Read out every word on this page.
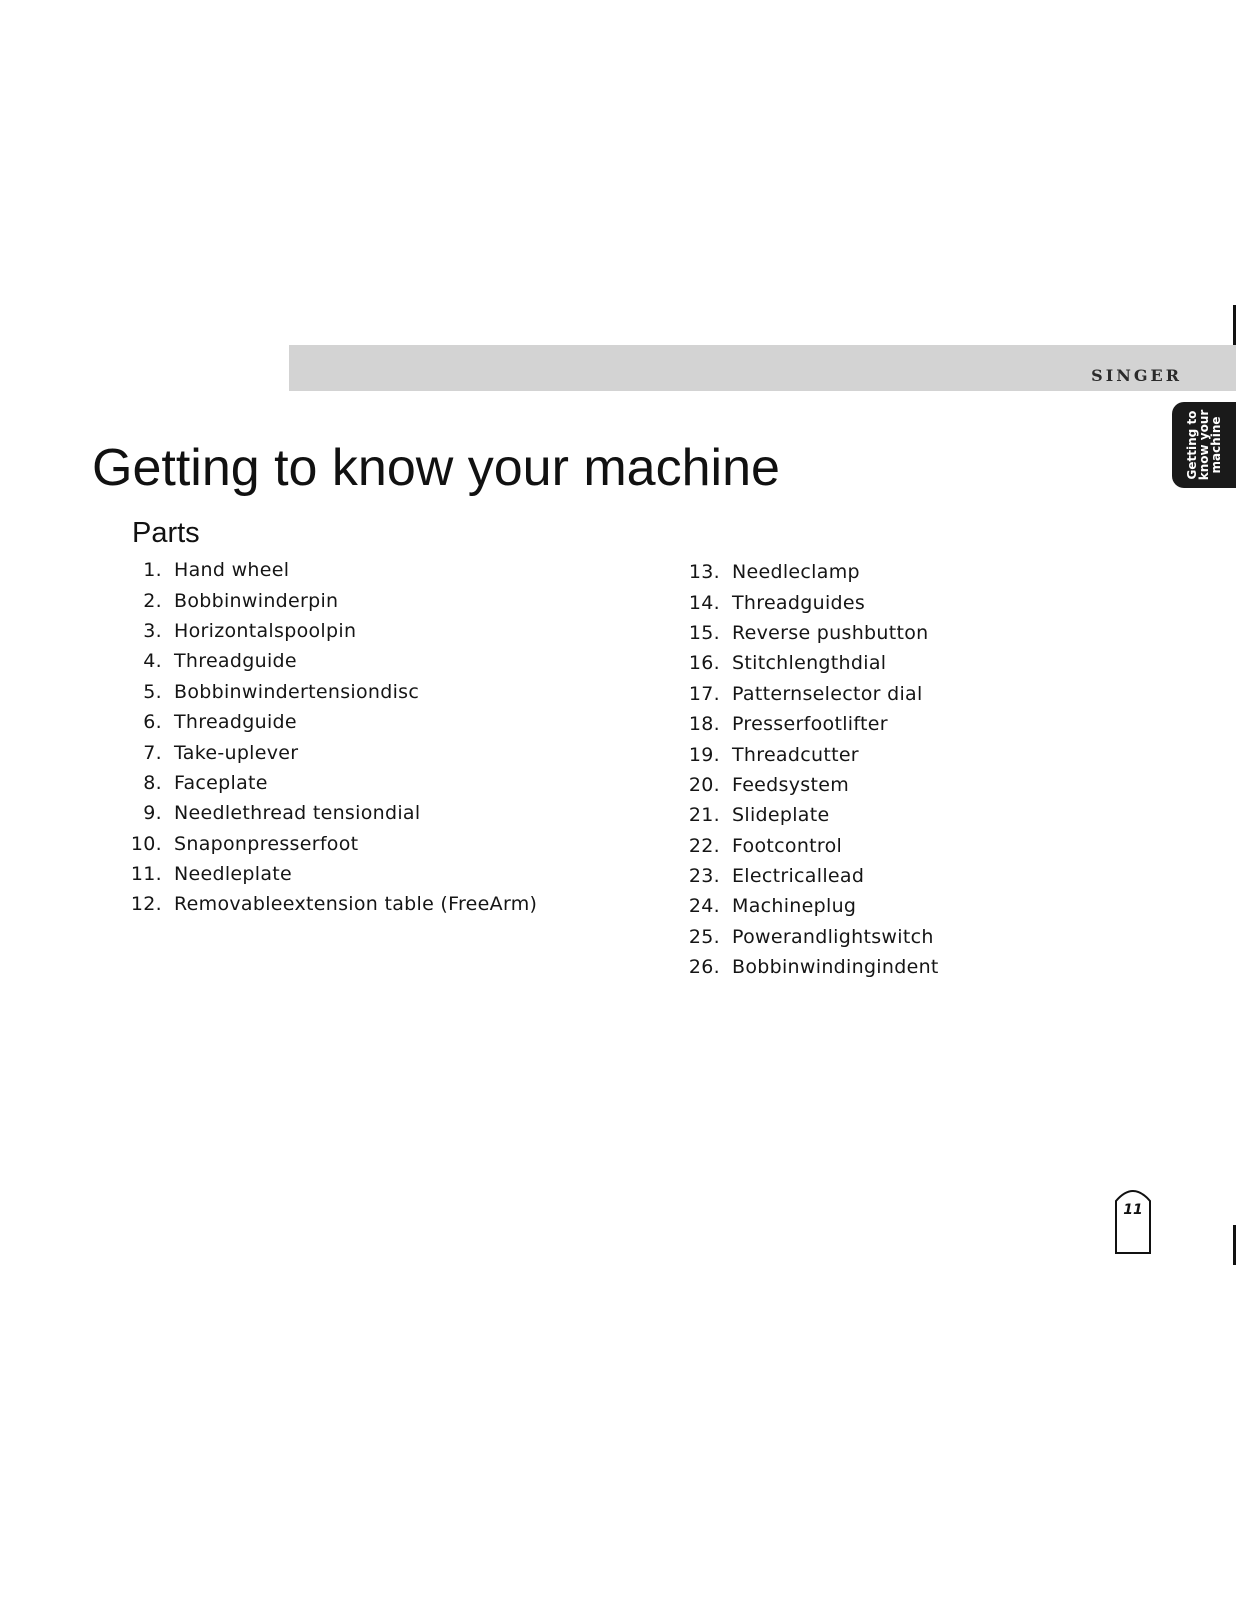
SINGER
Getting to
know your
machine
Getting to know your machine
Parts
1. Hand wheel
2. Bobbinwinderpin
3. Horizontalspoolpin
4. Threadguide
5. Bobbinwindertensiondisc
6. Threadguide
7. Take-uplever
8. Faceplate
9. Needlethread tensiondial
10. Snaponpresserfoot
11. Needleplate
12. Removableextension table (FreeArm)
13. Needleclamp
14. Threadguides
15. Reverse pushbutton
16. Stitchlengthdial
17. Patternselector dial
18. Presserfootlifter
19. Threadcutter
20. Feedsystem
21. Slideplate
22. Footcontrol
23. Electricallead
24. Machineplug
25. Powerandlightswitch
26. Bobbinwindingindent
11
